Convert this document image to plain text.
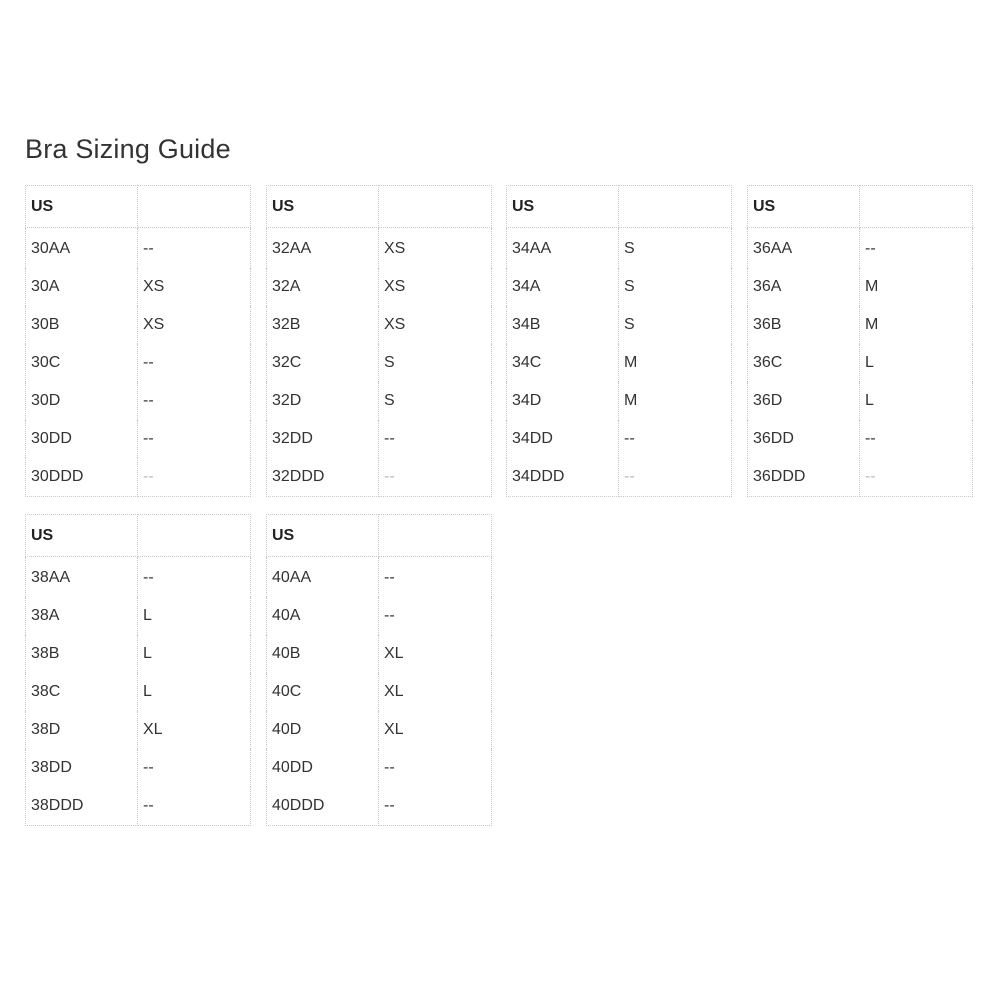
Bra Sizing Guide
US	
30AA	--
30A	XS
30B	XS
30C	--
30D	--
30DD	--
30DDD	--
US	
32AA	XS
32A	XS
32B	XS
32C	S
32D	S
32DD	--
32DDD	--
US	
34AA	S
34A	S
34B	S
34C	M
34D	M
34DD	--
34DDD	--
US	
36AA	--
36A	M
36B	M
36C	L
36D	L
36DD	--
36DDD	--
US	
38AA	--
38A	L
38B	L
38C	L
38D	XL
38DD	--
38DDD	--
US	
40AA	--
40A	--
40B	XL
40C	XL
40D	XL
40DD	--
40DDD	--
